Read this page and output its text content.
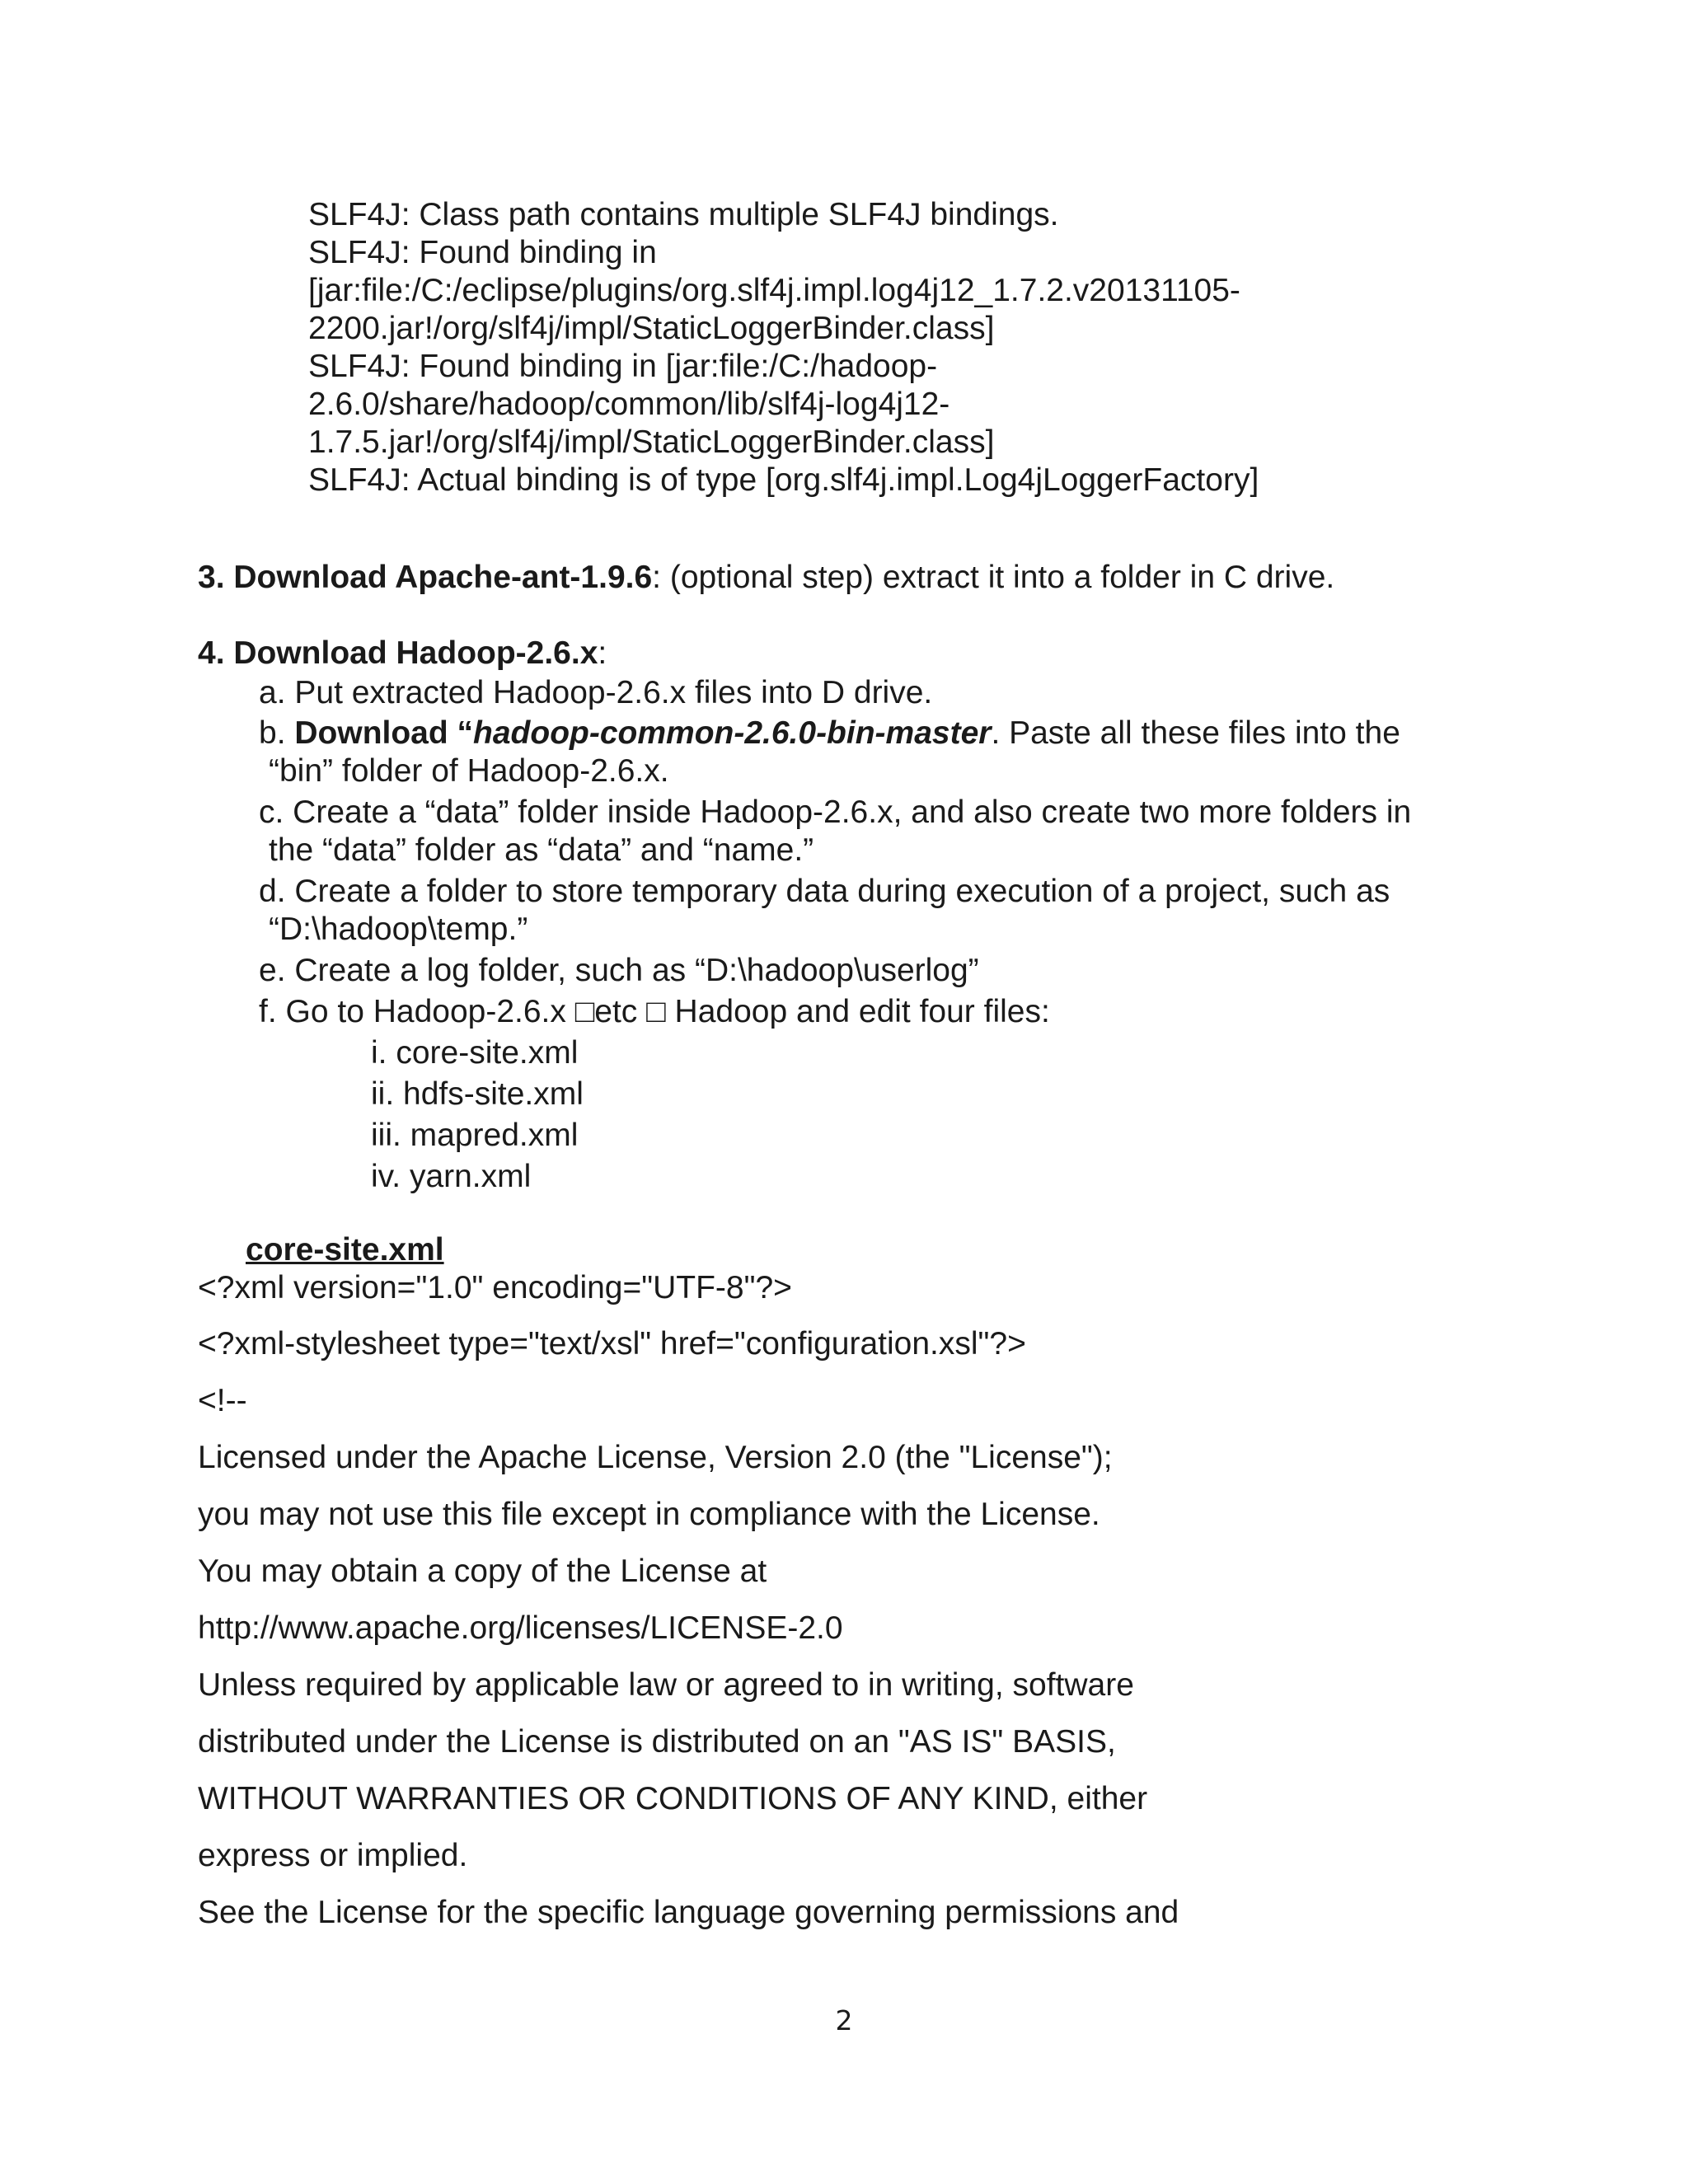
SLF4J: Class path contains multiple SLF4J bindings.
SLF4J: Found binding in
[jar:file:/C:/eclipse/plugins/org.slf4j.impl.log4j12_1.7.2.v20131105-
2200.jar!/org/slf4j/impl/StaticLoggerBinder.class]
SLF4J: Found binding in [jar:file:/C:/hadoop-
2.6.0/share/hadoop/common/lib/slf4j-log4j12-
1.7.5.jar!/org/slf4j/impl/StaticLoggerBinder.class]
SLF4J: Actual binding is of type [org.slf4j.impl.Log4jLoggerFactory]
3. Download Apache-ant-1.9.6: (optional step) extract it into a folder in C drive.
4. Download Hadoop-2.6.x:
a. Put extracted Hadoop-2.6.x files into D drive.
b. Download “hadoop-common-2.6.0-bin-master. Paste all these files into the
“bin” folder of Hadoop-2.6.x.
c. Create a “data” folder inside Hadoop-2.6.x, and also create two more folders in
the “data” folder as “data” and “name.”
d. Create a folder to store temporary data during execution of a project, such as
“D:\hadoop\temp.”
e. Create a log folder, such as “D:\hadoop\userlog”
f. Go to Hadoop-2.6.x □etc □ Hadoop and edit four files:
i. core-site.xml
ii. hdfs-site.xml
iii. mapred.xml
iv. yarn.xml
core-site.xml
<?xml version="1.0" encoding="UTF-8"?>
<?xml-stylesheet type="text/xsl" href="configuration.xsl"?>
<!--
Licensed under the Apache License, Version 2.0 (the "License");
you may not use this file except in compliance with the License.
You may obtain a copy of the License at
http://www.apache.org/licenses/LICENSE-2.0
Unless required by applicable law or agreed to in writing, software
distributed under the License is distributed on an "AS IS" BASIS,
WITHOUT WARRANTIES OR CONDITIONS OF ANY KIND, either
express or implied.
See the License for the specific language governing permissions and
2
